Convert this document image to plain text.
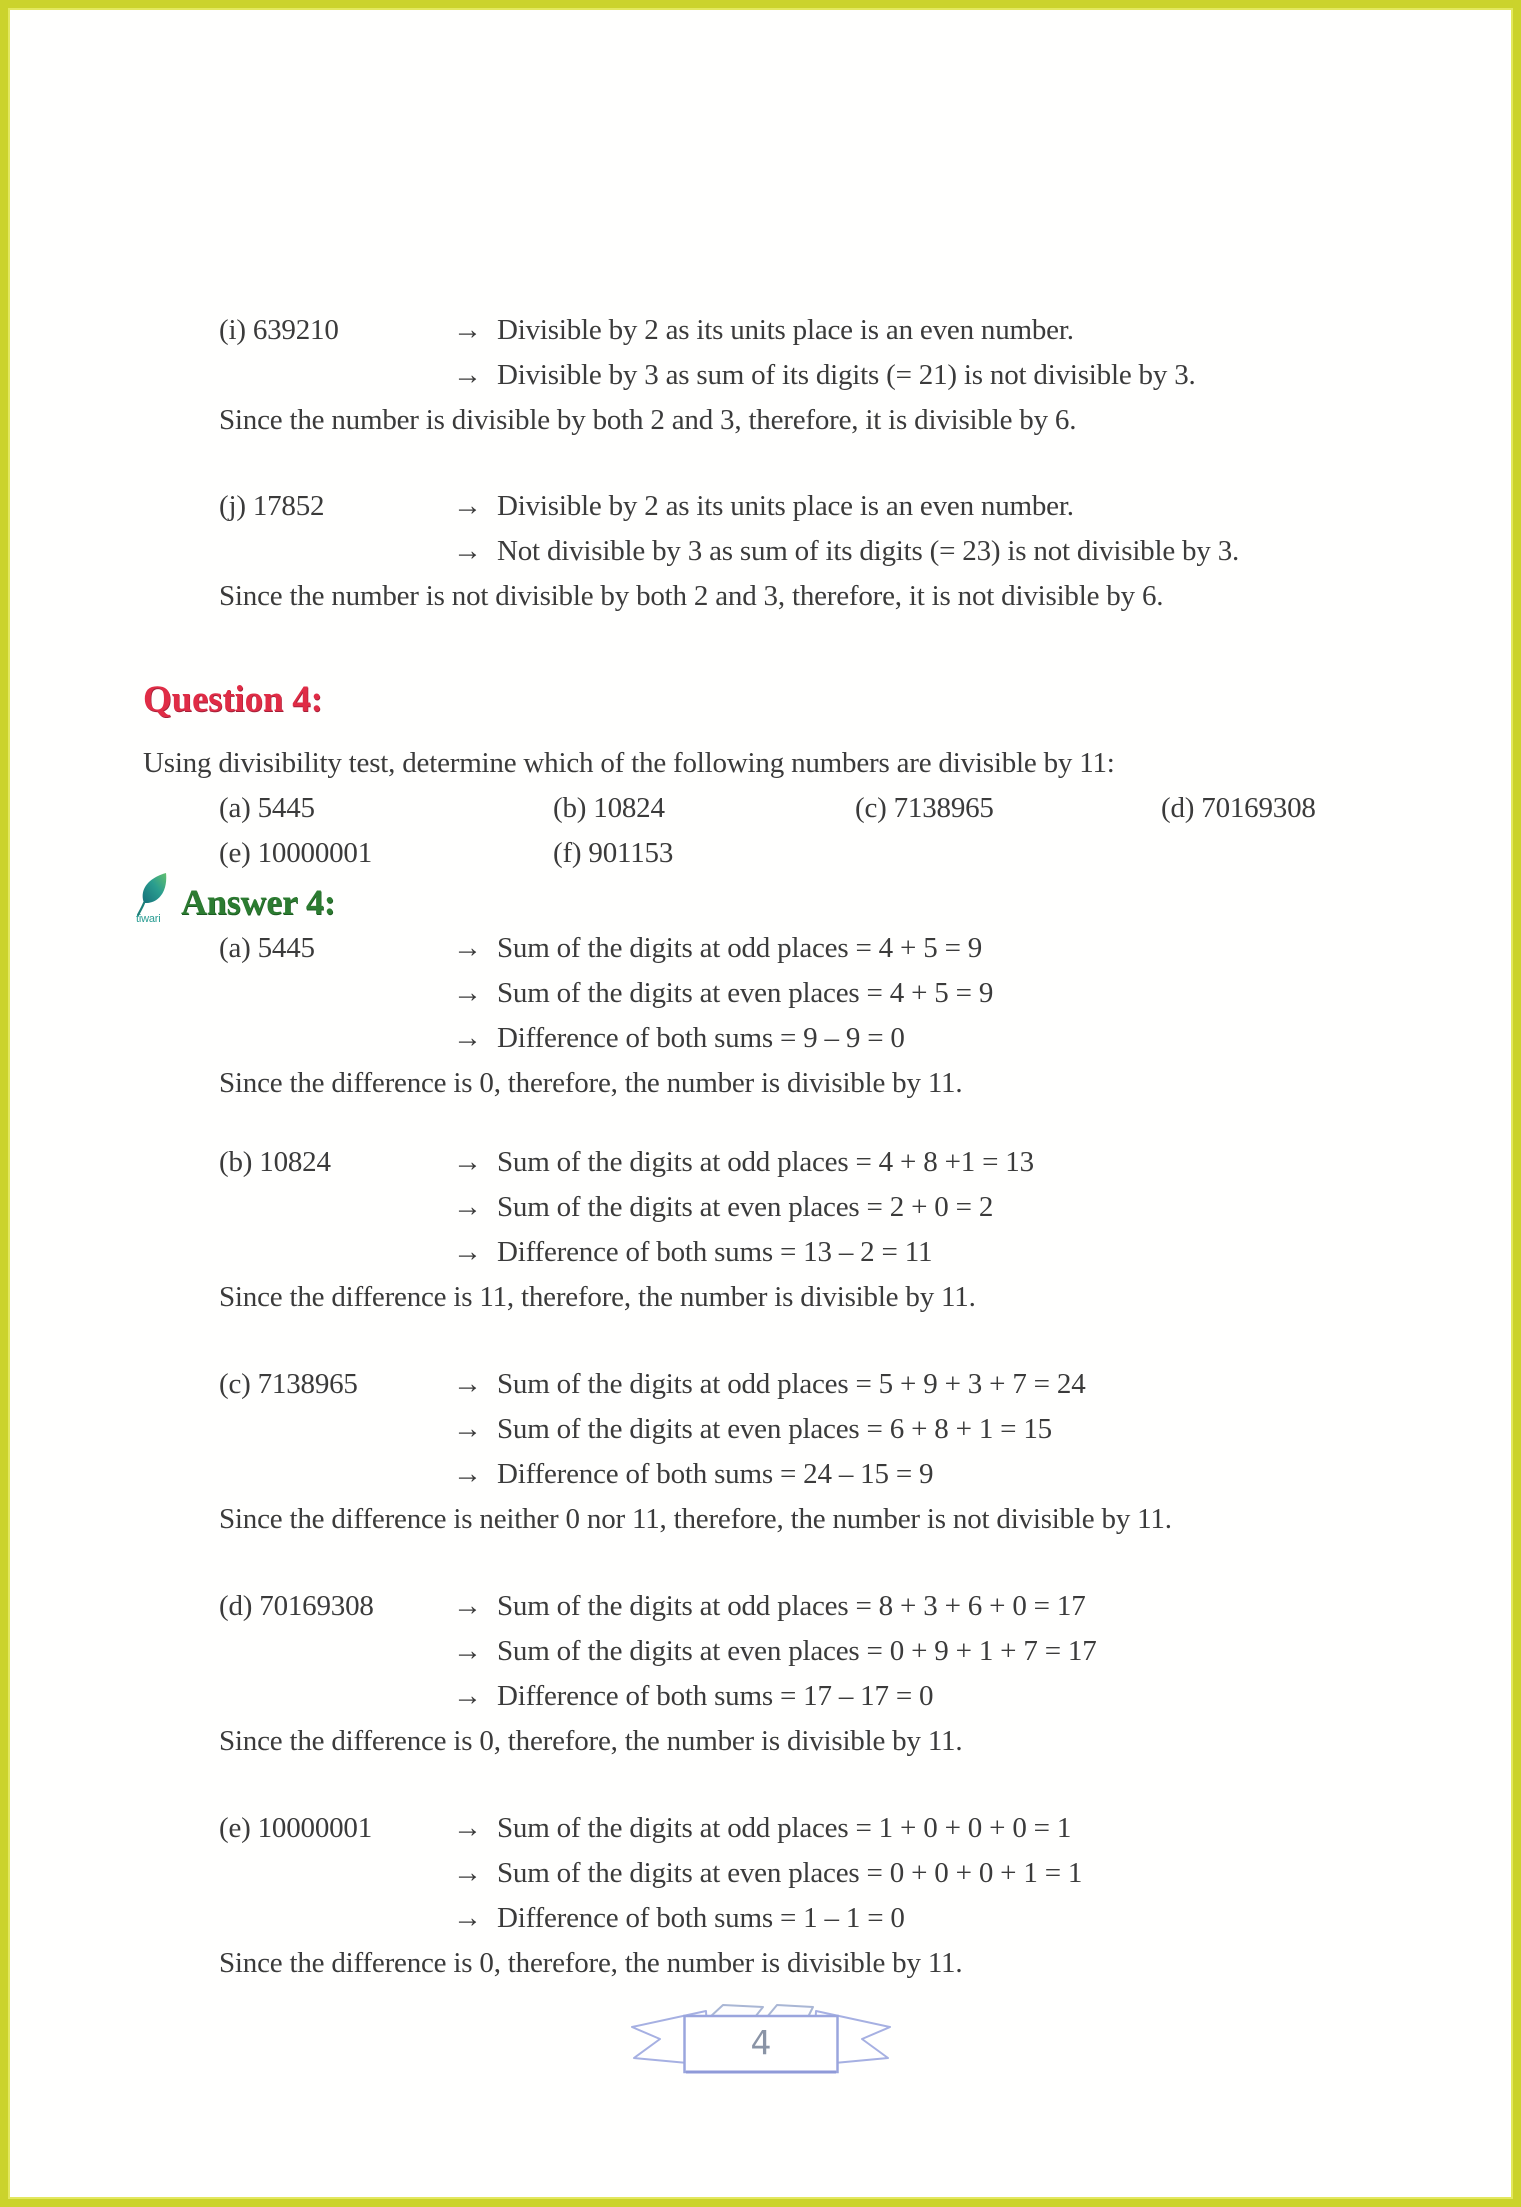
(i) 639210	→ Divisible by 2 as its units place is an even number.
→ Divisible by 3 as sum of its digits (= 21) is not divisible by 3.
Since the number is divisible by both 2 and 3, therefore, it is divisible by 6.
(j) 17852	→ Divisible by 2 as its units place is an even number.
→ Not divisible by 3 as sum of its digits (= 23) is not divisible by 3.
Since the number is not divisible by both 2 and 3, therefore, it is not divisible by 6.
Question 4:
Using divisibility test, determine which of the following numbers are divisible by 11:
(a) 5445	(b) 10824	(c) 7138965	(d) 70169308
(e) 10000001	(f) 901153
tiwari Answer 4:
(a) 5445	→ Sum of the digits at odd places = 4 + 5 = 9
→ Sum of the digits at even places = 4 + 5 = 9
→ Difference of both sums = 9 – 9 = 0
Since the difference is 0, therefore, the number is divisible by 11.
(b) 10824	→ Sum of the digits at odd places = 4 + 8 +1 = 13
→ Sum of the digits at even places = 2 + 0 = 2
→ Difference of both sums = 13 – 2 = 11
Since the difference is 11, therefore, the number is divisible by 11.
(c) 7138965	→ Sum of the digits at odd places = 5 + 9 + 3 + 7 = 24
→ Sum of the digits at even places = 6 + 8 + 1 = 15
→ Difference of both sums = 24 – 15 = 9
Since the difference is neither 0 nor 11, therefore, the number is not divisible by 11.
(d) 70169308	→ Sum of the digits at odd places = 8 + 3 + 6 + 0 = 17
→ Sum of the digits at even places = 0 + 9 + 1 + 7 = 17
→ Difference of both sums = 17 – 17 = 0
Since the difference is 0, therefore, the number is divisible by 11.
(e) 10000001	→ Sum of the digits at odd places = 1 + 0 + 0 + 0 = 1
→ Sum of the digits at even places = 0 + 0 + 0 + 1 = 1
→ Difference of both sums = 1 – 1 = 0
Since the difference is 0, therefore, the number is divisible by 11.
4
